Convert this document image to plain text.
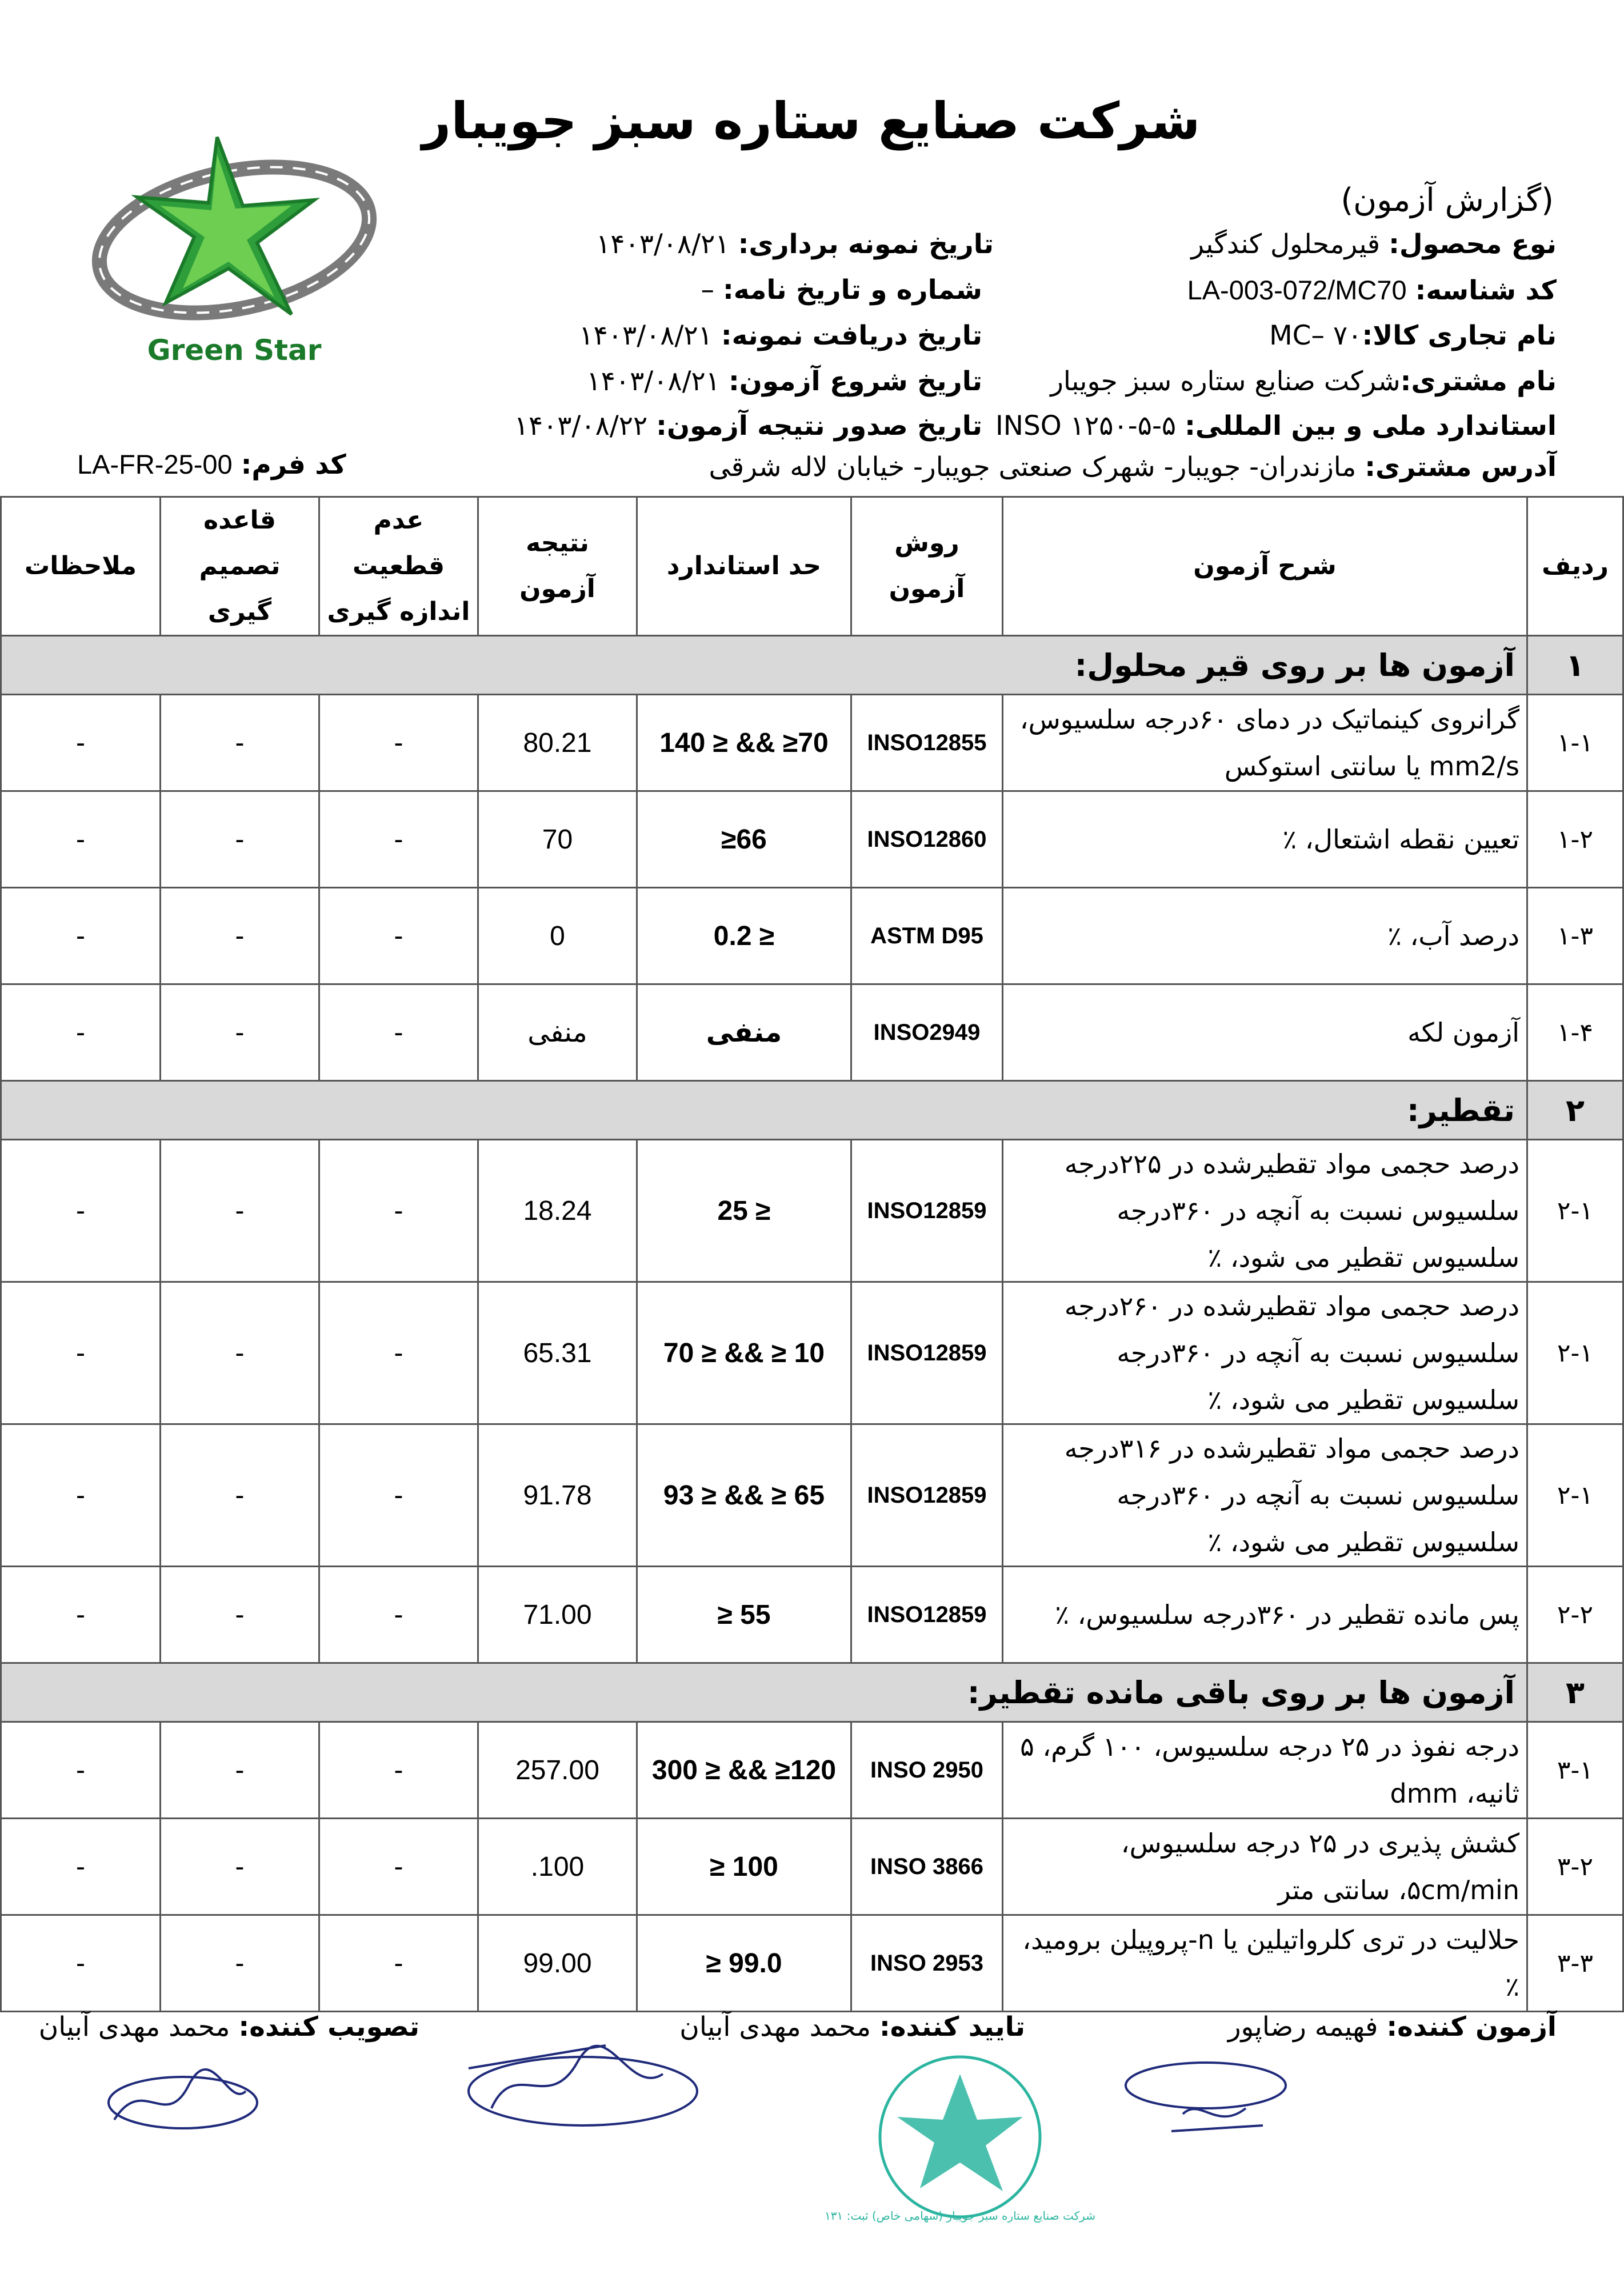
شرکت صنایع ستاره سبز جویبار
Green Star
(گزارش آزمون)
نوع محصول: قیرمحلول کندگیر
کد شناسه: LA-003-072/MC70
نام تجاری کالا:۷۰ –MC
نام مشتری:شرکت صنایع ستاره سبز جویبار
استاندارد ملی و بین المللی: ۵-۵-۱۲۵۰ INSO
آدرس مشتری: مازندران- جویبار- شهرک صنعتی جویبار- خیابان لاله شرقی
تاریخ نمونه برداری: ۱۴۰۳/۰۸/۲۱
شماره و تاریخ نامه: –
تاریخ دریافت نمونه: ۱۴۰۳/۰۸/۲۱
تاریخ شروع آزمون: ۱۴۰۳/۰۸/۲۱
تاریخ صدور نتیجه آزمون: ۱۴۰۳/۰۸/۲۲
کد فرم: LA-FR-25-00
ردیف	شرح آزمون	روش آزمون	حد استاندارد	نتیجه آزمون	عدم قطعیت اندازه گیری	قاعده تصمیم گیری	ملاحظات
۱	آزمون ها بر روی قیر محلول:						
۱-۱	گرانروی کینماتیک در دمای ۶۰درجه سلسیوس، mm2/s یا سانتی استوکس	INSO12855	140 ≥ && ≥70	80.21	-	-	-
۱-۲	تعیین نقطه اشتعال، ٪	INSO12860	≥66	70	-	-	-
۱-۳	درصد آب، ٪	ASTM D95	0.2 ≥	0	-	-	-
۱-۴	آزمون لکه	INSO2949	منفی	منفی	-	-	-
۲	تقطیر:						
۲-۱	درصد حجمی مواد تقطیرشده در ۲۲۵درجه سلسیوس نسبت به آنچه در ۳۶۰درجه سلسیوس تقطیر می شود، ٪	INSO12859	25 ≥	18.24	-	-	-
۲-۱	درصد حجمی مواد تقطیرشده در ۲۶۰درجه سلسیوس نسبت به آنچه در ۳۶۰درجه سلسیوس تقطیر می شود، ٪	INSO12859	70 ≥ && ≥ 10	65.31	-	-	-
۲-۱	درصد حجمی مواد تقطیرشده در ۳۱۶درجه سلسیوس نسبت به آنچه در ۳۶۰درجه سلسیوس تقطیر می شود، ٪	INSO12859	93 ≥ && ≥ 65	91.78	-	-	-
۲-۲	پس مانده تقطیر در ۳۶۰درجه سلسیوس، ٪	INSO12859	≥ 55	71.00	-	-	-
۳	آزمون ها بر روی باقی مانده تقطیر:						
۳-۱	درجه نفوذ در ۲۵ درجه سلسیوس، ۱۰۰ گرم، ۵ ثانیه، dmm	INSO 2950	300 ≥ && ≥120	257.00	-	-	-
۳-۲	کشش پذیری در ۲۵ درجه سلسیوس، ۵cm/min، سانتی متر	INSO 3866	≥ 100	100.	-	-	-
۳-۳	حلالیت در تری کلرواتیلین یا n-پروپیلن برومید، ٪	INSO 2953	≥ 99.0	99.00	-	-	-
آزمون کننده: فهیمه رضاپور
تایید کننده: محمد مهدی آبیان
تصویب کننده: محمد مهدی آبیان
شرکت صنایع ستاره سبز جویبار (سهامی خاص) ثبت: ۱۳۱
